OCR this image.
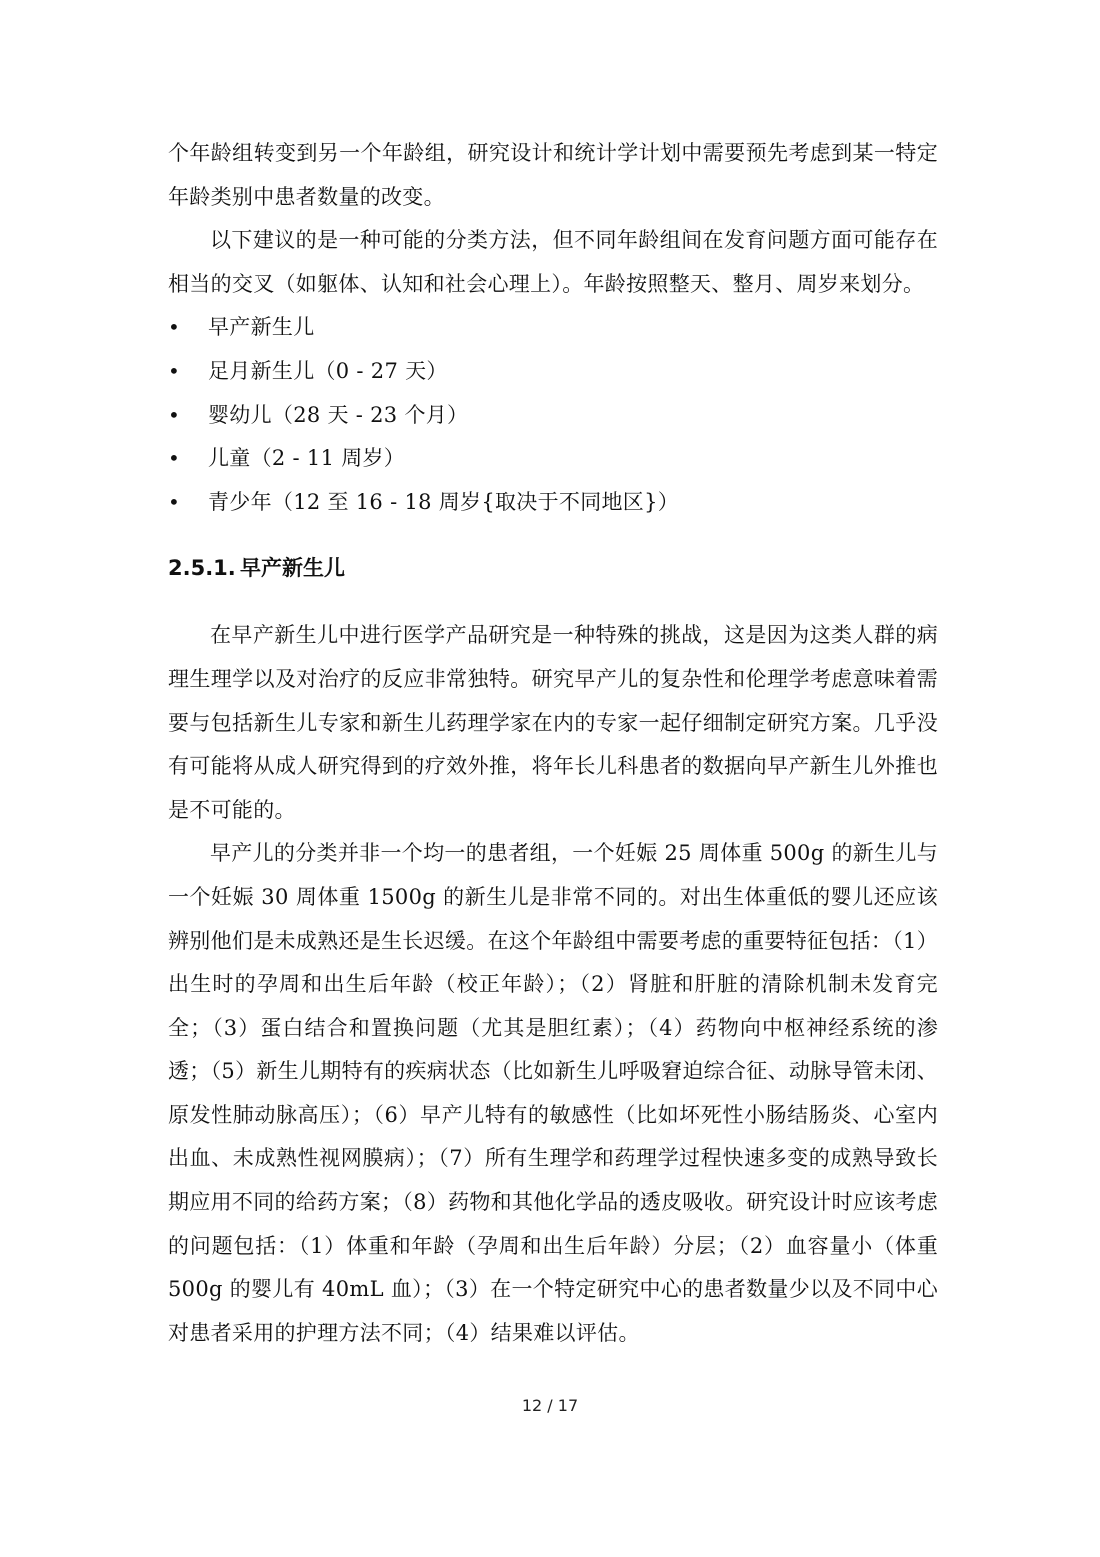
个年龄组转变到另一个年龄组，研究设计和统计学计划中需要预先考虑到某一特定年龄类别中患者数量的改变。

以下建议的是一种可能的分类方法，但不同年龄组间在发育问题方面可能存在相当的交叉（如躯体、认知和社会心理上）。年龄按照整天、整月、周岁来划分。

• 早产新生儿
• 足月新生儿（0 - 27 天）
• 婴幼儿（28 天 - 23 个月）
• 儿童（2 - 11 周岁）
• 青少年（12 至 16 - 18 周岁{取决于不同地区}）
2.5.1. 早产新生儿

在早产新生儿中进行医学产品研究是一种特殊的挑战，这是因为这类人群的病理生理学以及对治疗的反应非常独特。研究早产儿的复杂性和伦理学考虑意味着需要与包括新生儿专家和新生儿药理学家在内的专家一起仔细制定研究方案。几乎没有可能将从成人研究得到的疗效外推，将年长儿科患者的数据向早产新生儿外推也是不可能的。

早产儿的分类并非一个均一的患者组，一个妊娠 25 周体重 500g 的新生儿与一个妊娠 30 周体重 1500g 的新生儿是非常不同的。对出生体重低的婴儿还应该辨别他们是未成熟还是生长迟缓。在这个年龄组中需要考虑的重要特征包括：（1）出生时的孕周和出生后年龄（校正年龄）；（2）肾脏和肝脏的清除机制未发育完全；（3）蛋白结合和置换问题（尤其是胆红素）；（4）药物向中枢神经系统的渗透；（5）新生儿期特有的疾病状态（比如新生儿呼吸窘迫综合征、动脉导管未闭、原发性肺动脉高压）；（6）早产儿特有的敏感性（比如坏死性小肠结肠炎、心室内出血、未成熟性视网膜病）；（7）所有生理学和药理学过程快速多变的成熟导致长期应用不同的给药方案；（8）药物和其他化学品的透皮吸收。研究设计时应该考虑的问题包括：（1）体重和年龄（孕周和出生后年龄）分层；（2）血容量小（体重 500g 的婴儿有 40mL 血）；（3）在一个特定研究中心的患者数量少以及不同中心对患者采用的护理方法不同；（4）结果难以评估。

12 / 17
